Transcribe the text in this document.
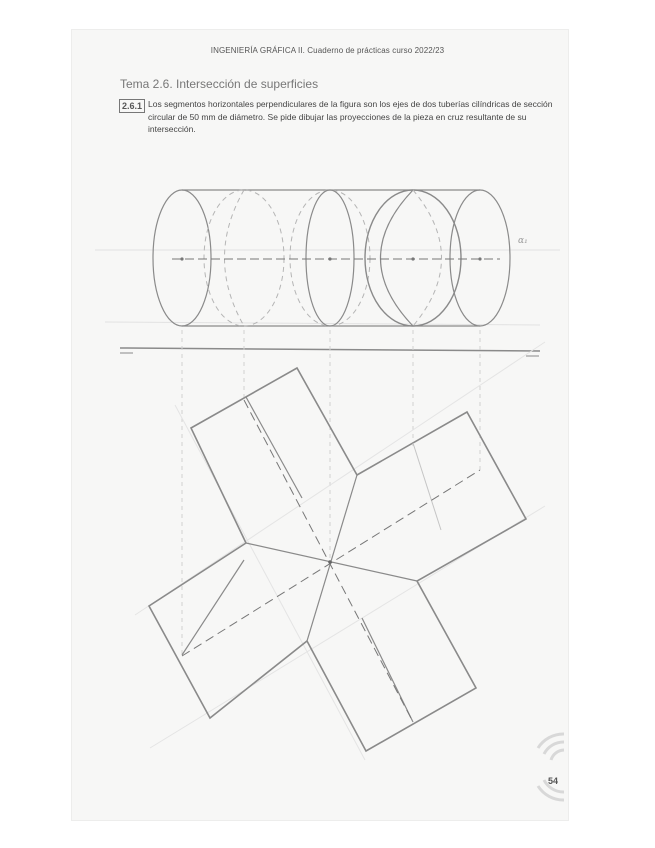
INGENIERÍA GRÁFICA II. Cuaderno de prácticas curso 2022/23
Tema 2.6. Intersección de superficies
2.6.1 Los segmentos horizontales perpendiculares de la figura son los ejes de dos tuberías cilíndricas de sección circular de 50 mm de diámetro. Se pide dibujar las proyecciones de la pieza en cruz resultante de su intersección.
α₁
54
